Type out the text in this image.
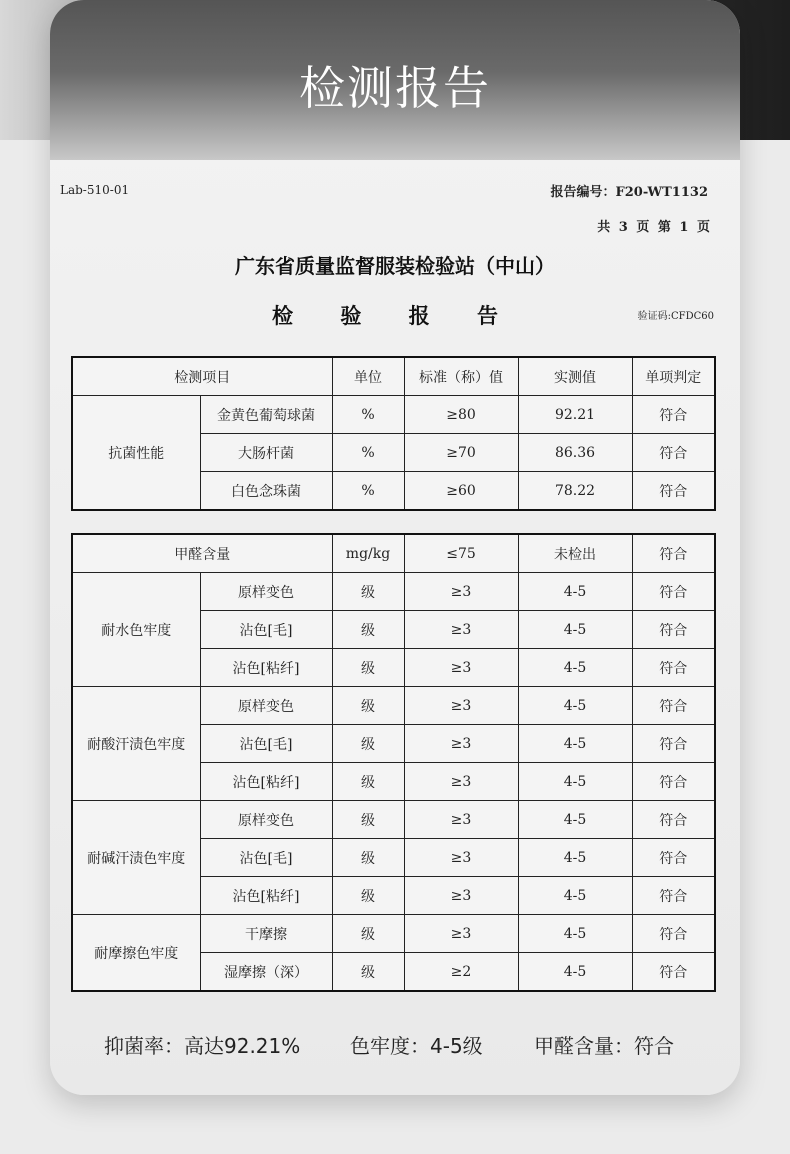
检测报告
Lab-510-01	报告编号：F20-WT1132
共 3 页 第 1 页
广东省质量监督服装检验站（中山）
检 验 报 告	验证码:CFDC60
检测项目		单位	标准（称）值	实测值	单项判定
抗菌性能	金黄色葡萄球菌	%	≥80	92.21	符合
	大肠杆菌	%	≥70	86.36	符合
	白色念珠菌	%	≥60	78.22	符合
甲醛含量		mg/kg	≤75	未检出	符合
耐水色牢度	原样变色	级	≥3	4-5	符合
	沾色[毛]	级	≥3	4-5	符合
	沾色[粘纤]	级	≥3	4-5	符合
耐酸汗渍色牢度	原样变色	级	≥3	4-5	符合
	沾色[毛]	级	≥3	4-5	符合
	沾色[粘纤]	级	≥3	4-5	符合
耐碱汗渍色牢度	原样变色	级	≥3	4-5	符合
	沾色[毛]	级	≥3	4-5	符合
	沾色[粘纤]	级	≥3	4-5	符合
耐摩擦色牢度	干摩擦	级	≥3	4-5	符合
	湿摩擦（深）	级	≥2	4-5	符合
抑菌率：高达92.21% 色牢度：4-5级	甲醛含量：符合
